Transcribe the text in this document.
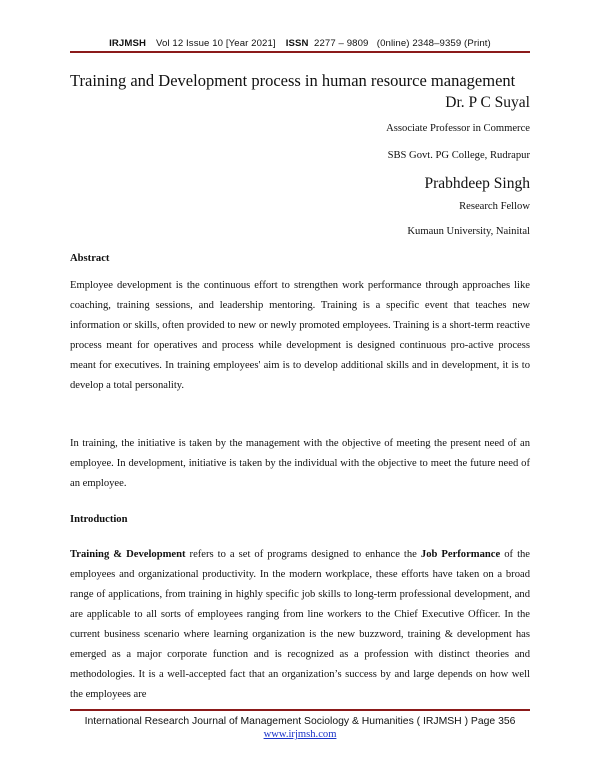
IRJMSH Vol 12 Issue 10 [Year 2021] ISSN 2277 – 9809 (0nline) 2348–9359 (Print)
Training and Development process in human resource management
Dr. P C Suyal
Associate Professor in Commerce
SBS Govt. PG College, Rudrapur
Prabhdeep Singh
Research Fellow
Kumaun University, Nainital
Abstract
Employee development is the continuous effort to strengthen work performance through approaches like coaching, training sessions, and leadership mentoring. Training is a specific event that teaches new information or skills, often provided to new or newly promoted employees. Training is a short-term reactive process meant for operatives and process while development is designed continuous pro-active process meant for executives. In training employees' aim is to develop additional skills and in development, it is to develop a total personality.
In training, the initiative is taken by the management with the objective of meeting the present need of an employee. In development, initiative is taken by the individual with the objective to meet the future need of an employee.
Introduction
Training & Development refers to a set of programs designed to enhance the Job Performance of the employees and organizational productivity. In the modern workplace, these efforts have taken on a broad range of applications, from training in highly specific job skills to long-term professional development, and are applicable to all sorts of employees ranging from line workers to the Chief Executive Officer. In the current business scenario where learning organization is the new buzzword, training & development has emerged as a major corporate function and is recognized as a profession with distinct theories and methodologies. It is a well-accepted fact that an organization’s success by and large depends on how well the employees are
International Research Journal of Management Sociology & Humanities ( IRJMSH ) Page 356
www.irjmsh.com
